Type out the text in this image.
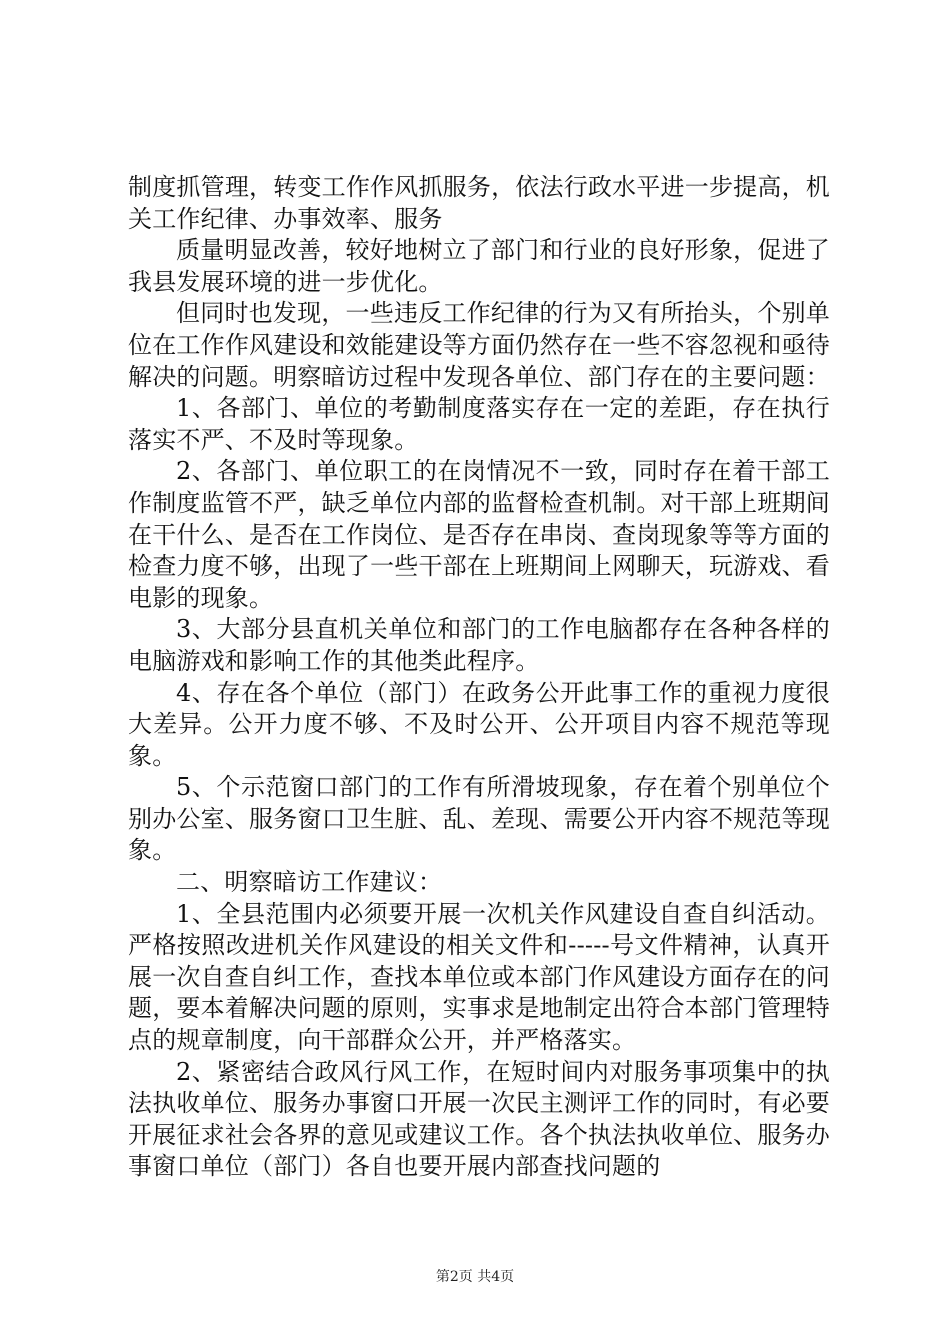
制度抓管理，转变工作作风抓服务，依法行政水平进一步提高，机关工作纪律、办事效率、服务

质量明显改善，较好地树立了部门和行业的良好形象，促进了我县发展环境的进一步优化。

但同时也发现，一些违反工作纪律的行为又有所抬头，个别单位在工作作风建设和效能建设等方面仍然存在一些不容忽视和亟待解决的问题。明察暗访过程中发现各单位、部门存在的主要问题：

1、各部门、单位的考勤制度落实存在一定的差距，存在执行落实不严、不及时等现象。

2、各部门、单位职工的在岗情况不一致，同时存在着干部工作制度监管不严，缺乏单位内部的监督检查机制。对干部上班期间在干什么、是否在工作岗位、是否存在串岗、查岗现象等等方面的检查力度不够，出现了一些干部在上班期间上网聊天，玩游戏、看电影的现象。

3、大部分县直机关单位和部门的工作电脑都存在各种各样的电脑游戏和影响工作的其他类此程序。

4、存在各个单位（部门）在政务公开此事工作的重视力度很大差异。公开力度不够、不及时公开、公开项目内容不规范等现象。

5、个示范窗口部门的工作有所滑坡现象，存在着个别单位个别办公室、服务窗口卫生脏、乱、差现、需要公开内容不规范等现象。

二、明察暗访工作建议：

1、全县范围内必须要开展一次机关作风建设自查自纠活动。严格按照改进机关作风建设的相关文件和-----号文件精神，认真开展一次自查自纠工作，查找本单位或本部门作风建设方面存在的问题，要本着解决问题的原则，实事求是地制定出符合本部门管理特点的规章制度，向干部群众公开，并严格落实。

2、紧密结合政风行风工作，在短时间内对服务事项集中的执法执收单位、服务办事窗口开展一次民主测评工作的同时，有必要开展征求社会各界的意见或建议工作。各个执法执收单位、服务办事窗口单位（部门）各自也要开展内部查找问题的

第2页 共4页
